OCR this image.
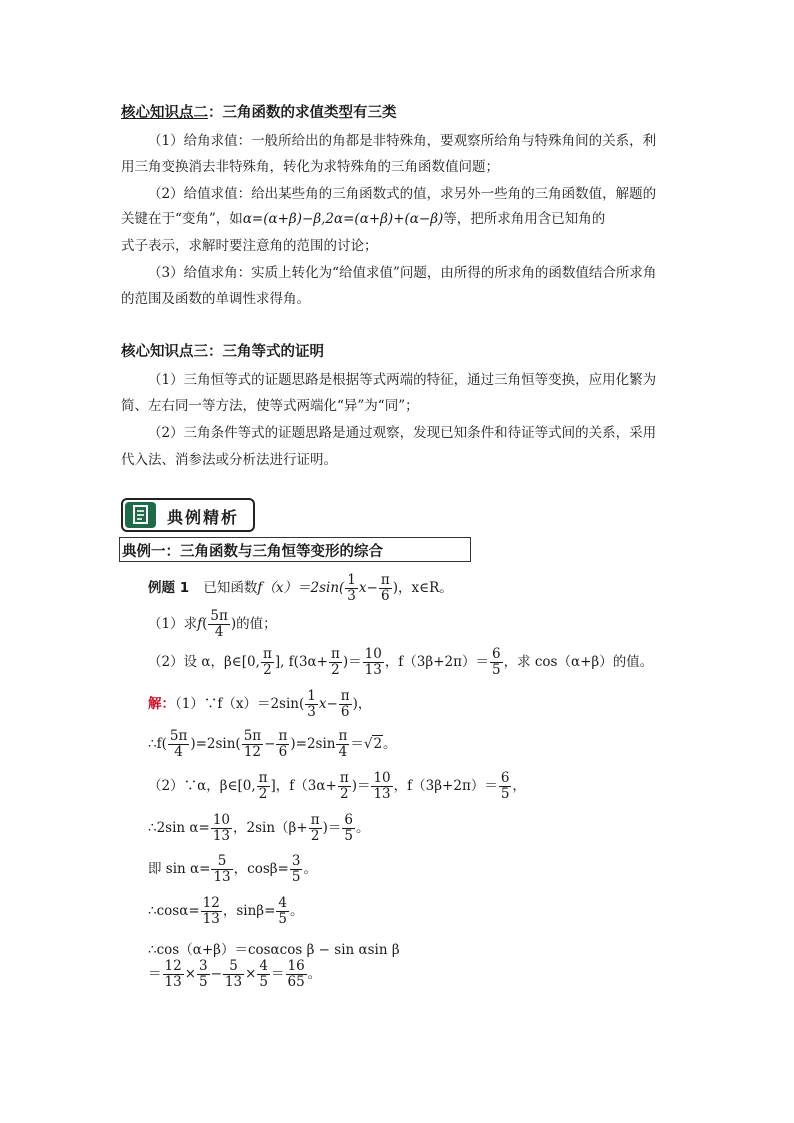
核心知识点二：三角函数的求值类型有三类
（1）给角求值：一般所给出的角都是非特殊角，要观察所给角与特殊角间的关系，利
用三角变换消去非特殊角，转化为求特殊角的三角函数值问题；
（2）给值求值：给出某些角的三角函数式的值，求另外一些角的三角函数值，解题的
关键在于“变角”，如α=(α+β)−β,2α=(α+β)+(α−β)等，把所求角用含已知角的
式子表示，求解时要注意角的范围的讨论；
（3）给值求角：实质上转化为“给值求值”问题，由所得的所求角的函数值结合所求角
的范围及函数的单调性求得角。
核心知识点三：三角等式的证明
（1）三角恒等式的证题思路是根据等式两端的特征，通过三角恒等变换，应用化繁为
简、左右同一等方法，使等式两端化“异”为“同”；
（2）三角条件等式的证题思路是通过观察，发现已知条件和待证等式间的关系，采用
代入法、消参法或分析法进行证明。
典例精析
典例一：三角函数与三角恒等变形的综合
例题 1 已知函数$f(x)=2\sin( \frac{1}{3} x- \frac{\pi}{6}$ )，x∈R。
（1）求$f( \frac{5\pi}{4}$ )的值；
（2）设 α，β∈[0, $\frac{\pi}{2}$ ], $f(3\alpha+ \frac{\pi}{2}$ )＝ $\frac{10}{13}$ ，$f(3\beta+2\pi)= \frac{6}{5}$ ，求 cos（α+β）的值。
解：（1）∵f（x）＝2sin( $\frac{1}{3} x- \frac{\pi}{6}$ )，
∴f( $\frac{5\pi}{4} )=2\sin( \frac{5\pi}{12} - \frac{\pi}{6} )=2\sin \frac{\pi}{4} =√2$。
（2）∵α，β∈[0, $\frac{\pi}{2}$ ]，$f(3\alpha+ \frac{\pi}{2}$ )＝ $\frac{10}{13}$ ，$f(3\beta+2\pi)= \frac{6}{5}$ ，
∴2sin $\alpha= \frac{10}{13}$ ，$2\sin(\beta+ \frac{\pi}{2}$ )＝ $\frac{6}{5}$ 。
即 $\sin \alpha= \frac{5}{13}$ ，$\cos\beta= \frac{3}{5}$ 。
∴cosα= $\frac{12}{13}$ ，$\sin\beta= \frac{4}{5}$ 。
∴cos（α+β）＝cosαcos β − sin αsin β
＝ $\frac{12}{13} \times \frac{3}{5} - \frac{5}{13} \times \frac{4}{5} = \frac{16}{65}$ 。
